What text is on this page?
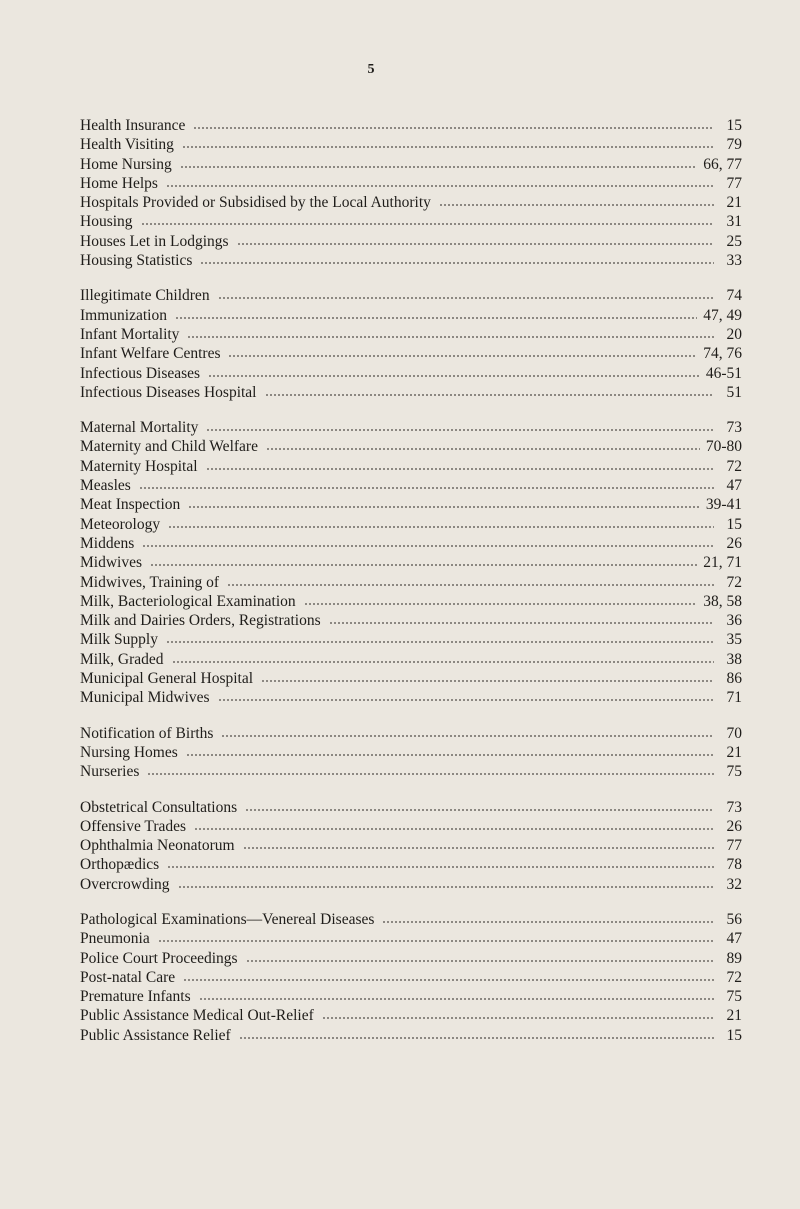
5
Health Insurance	15
Health Visiting	79
Home Nursing	66, 77
Home Helps	77
Hospitals Provided or Subsidised by the Local Authority	21
Housing	31
Houses Let in Lodgings	25
Housing Statistics	33
Illegitimate Children	74
Immunization	47, 49
Infant Mortality	20
Infant Welfare Centres	74, 76
Infectious Diseases	46-51
Infectious Diseases Hospital	51
Maternal Mortality	73
Maternity and Child Welfare	70-80
Maternity Hospital	72
Measles	47
Meat Inspection	39-41
Meteorology	15
Middens	26
Midwives	21, 71
Midwives, Training of	72
Milk, Bacteriological Examination	38, 58
Milk and Dairies Orders, Registrations	36
Milk Supply	35
Milk, Graded	38
Municipal General Hospital	86
Municipal Midwives	71
Notification of Births	70
Nursing Homes	21
Nurseries	75
Obstetrical Consultations	73
Offensive Trades	26
Ophthalmia Neonatorum	77
Orthopædics	78
Overcrowding	32
Pathological Examinations—Venereal Diseases	56
Pneumonia	47
Police Court Proceedings	89
Post-natal Care	72
Premature Infants	75
Public Assistance Medical Out-Relief	21
Public Assistance Relief	15
